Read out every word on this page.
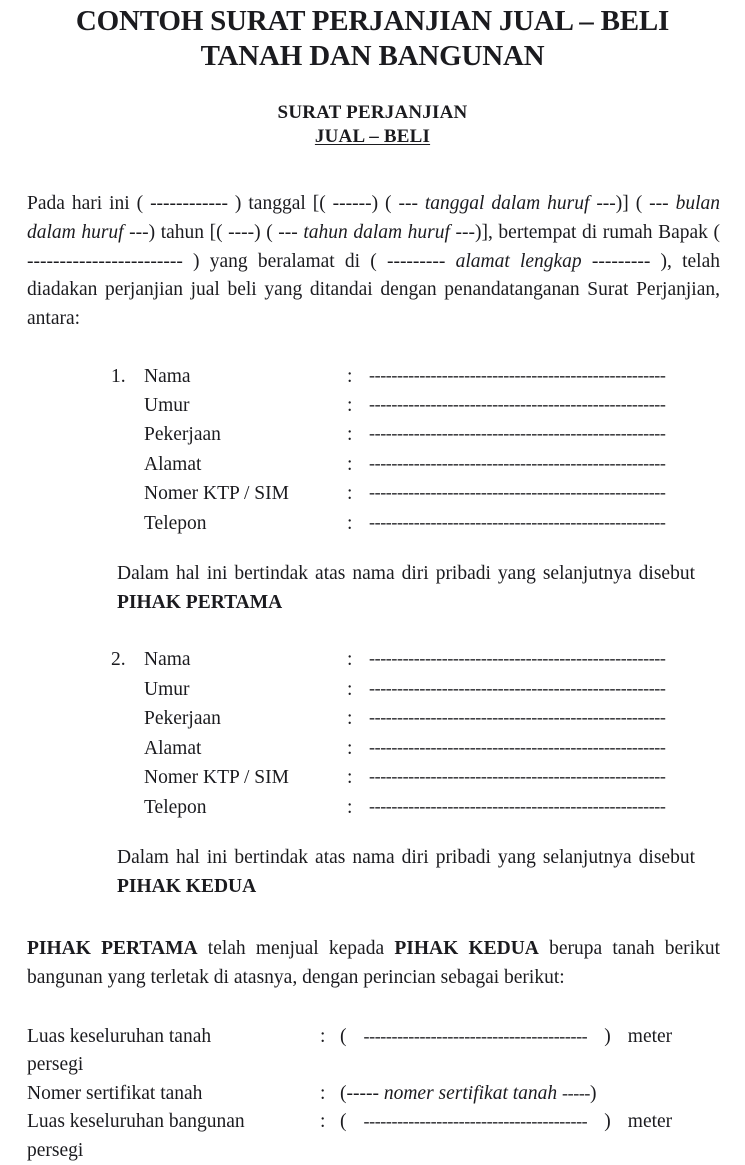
CONTOH SURAT PERJANJIAN JUAL – BELI TANAH DAN BANGUNAN
SURAT PERJANJIAN
JUAL – BELI

Pada hari ini ( ------------ ) tanggal [( ------) ( --- tanggal dalam huruf ---)] ( --- bulan dalam huruf ---) tahun [( ----) ( --- tahun dalam huruf ---)], bertempat di rumah Bapak ( ------------------------ ) yang beralamat di ( --------- alamat lengkap --------- ), telah diadakan perjanjian jual beli yang ditandai dengan penandatanganan Surat Perjanjian, antara:

1. Nama	: -----------------------------------------------------
Umur	: -----------------------------------------------------
Pekerjaan	: -----------------------------------------------------
Alamat	: -----------------------------------------------------
Nomer KTP / SIM	: -----------------------------------------------------
Telepon	: -----------------------------------------------------

Dalam hal ini bertindak atas nama diri pribadi yang selanjutnya disebut PIHAK PERTAMA

2. Nama	: -----------------------------------------------------
Umur	: -----------------------------------------------------
Pekerjaan	: -----------------------------------------------------
Alamat	: -----------------------------------------------------
Nomer KTP / SIM	: -----------------------------------------------------
Telepon	: -----------------------------------------------------

Dalam hal ini bertindak atas nama diri pribadi yang selanjutnya disebut PIHAK KEDUA

PIHAK PERTAMA telah menjual kepada PIHAK KEDUA berupa tanah berikut bangunan yang terletak di atasnya, dengan perincian sebagai berikut:

Luas keseluruhan tanah	: ( ---------------------------------------- ) meter
persegi
Nomer sertifikat tanah	: (----- nomer sertifikat tanah -----)
Luas keseluruhan bangunan	: ( ---------------------------------------- ) meter
persegi
